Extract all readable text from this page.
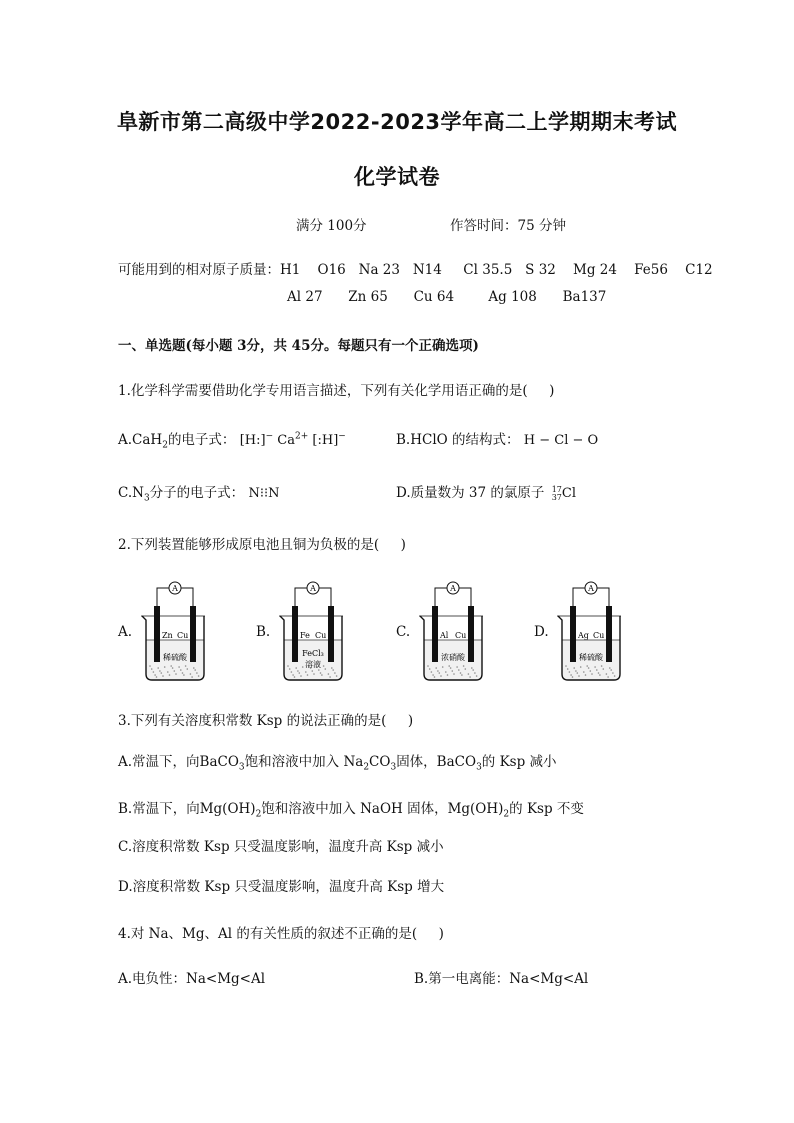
阜新市第二高级中学2022-2023学年高二上学期期末考试
化学试卷
满分 100分	作答时间：75 分钟
可能用到的相对原子质量：H1    O16   Na 23   N14     Cl 35.5   S 32    Mg 24    Fe56    C12
Al 27      Zn 65      Cu 64        Ag 108      Ba137
一、单选题(每小题 3分，共 45分。每题只有一个正确选项)
1.化学科学需要借助化学专用语言描述，下列有关化学用语正确的是(     )
A.CaH$_2$的电子式： [H:]− $Ca^{2+}$ [:H]−	B.HClO 的结构式： H − Cl − O
$C.N_3$分子的电子式： N⁝⁝N	D.质量数为 37 的氯原子 17
37Cl
2.下列装置能够形成原电池且铜为负极的是(     )
A.
A
Zn Cu
稀硫酸
B.
A
Fe Cu
FeCl₃
溶液
C.
A
Al Cu
浓硝酸
D.
A
Ag Cu
稀硫酸
3.下列有关溶度积常数 Ksp 的说法正确的是(     )
A.常温下，向BaCO$_3$饱和溶液中加入 $Na_2CO_3$固体，BaCO$_3$的 Ksp 减小
B.常温下，向$Mg(OH)_2$饱和溶液中加入 NaOH 固体，$Mg(OH)_2$的 Ksp 不变
C.溶度积常数 Ksp 只受温度影响，温度升高 Ksp 减小
D.溶度积常数 Ksp 只受温度影响，温度升高 Ksp 增大
4.对 Na、Mg、Al 的有关性质的叙述不正确的是(     )
A.电负性：Na<Mg<Al	B.第一电离能：Na<Mg<Al
